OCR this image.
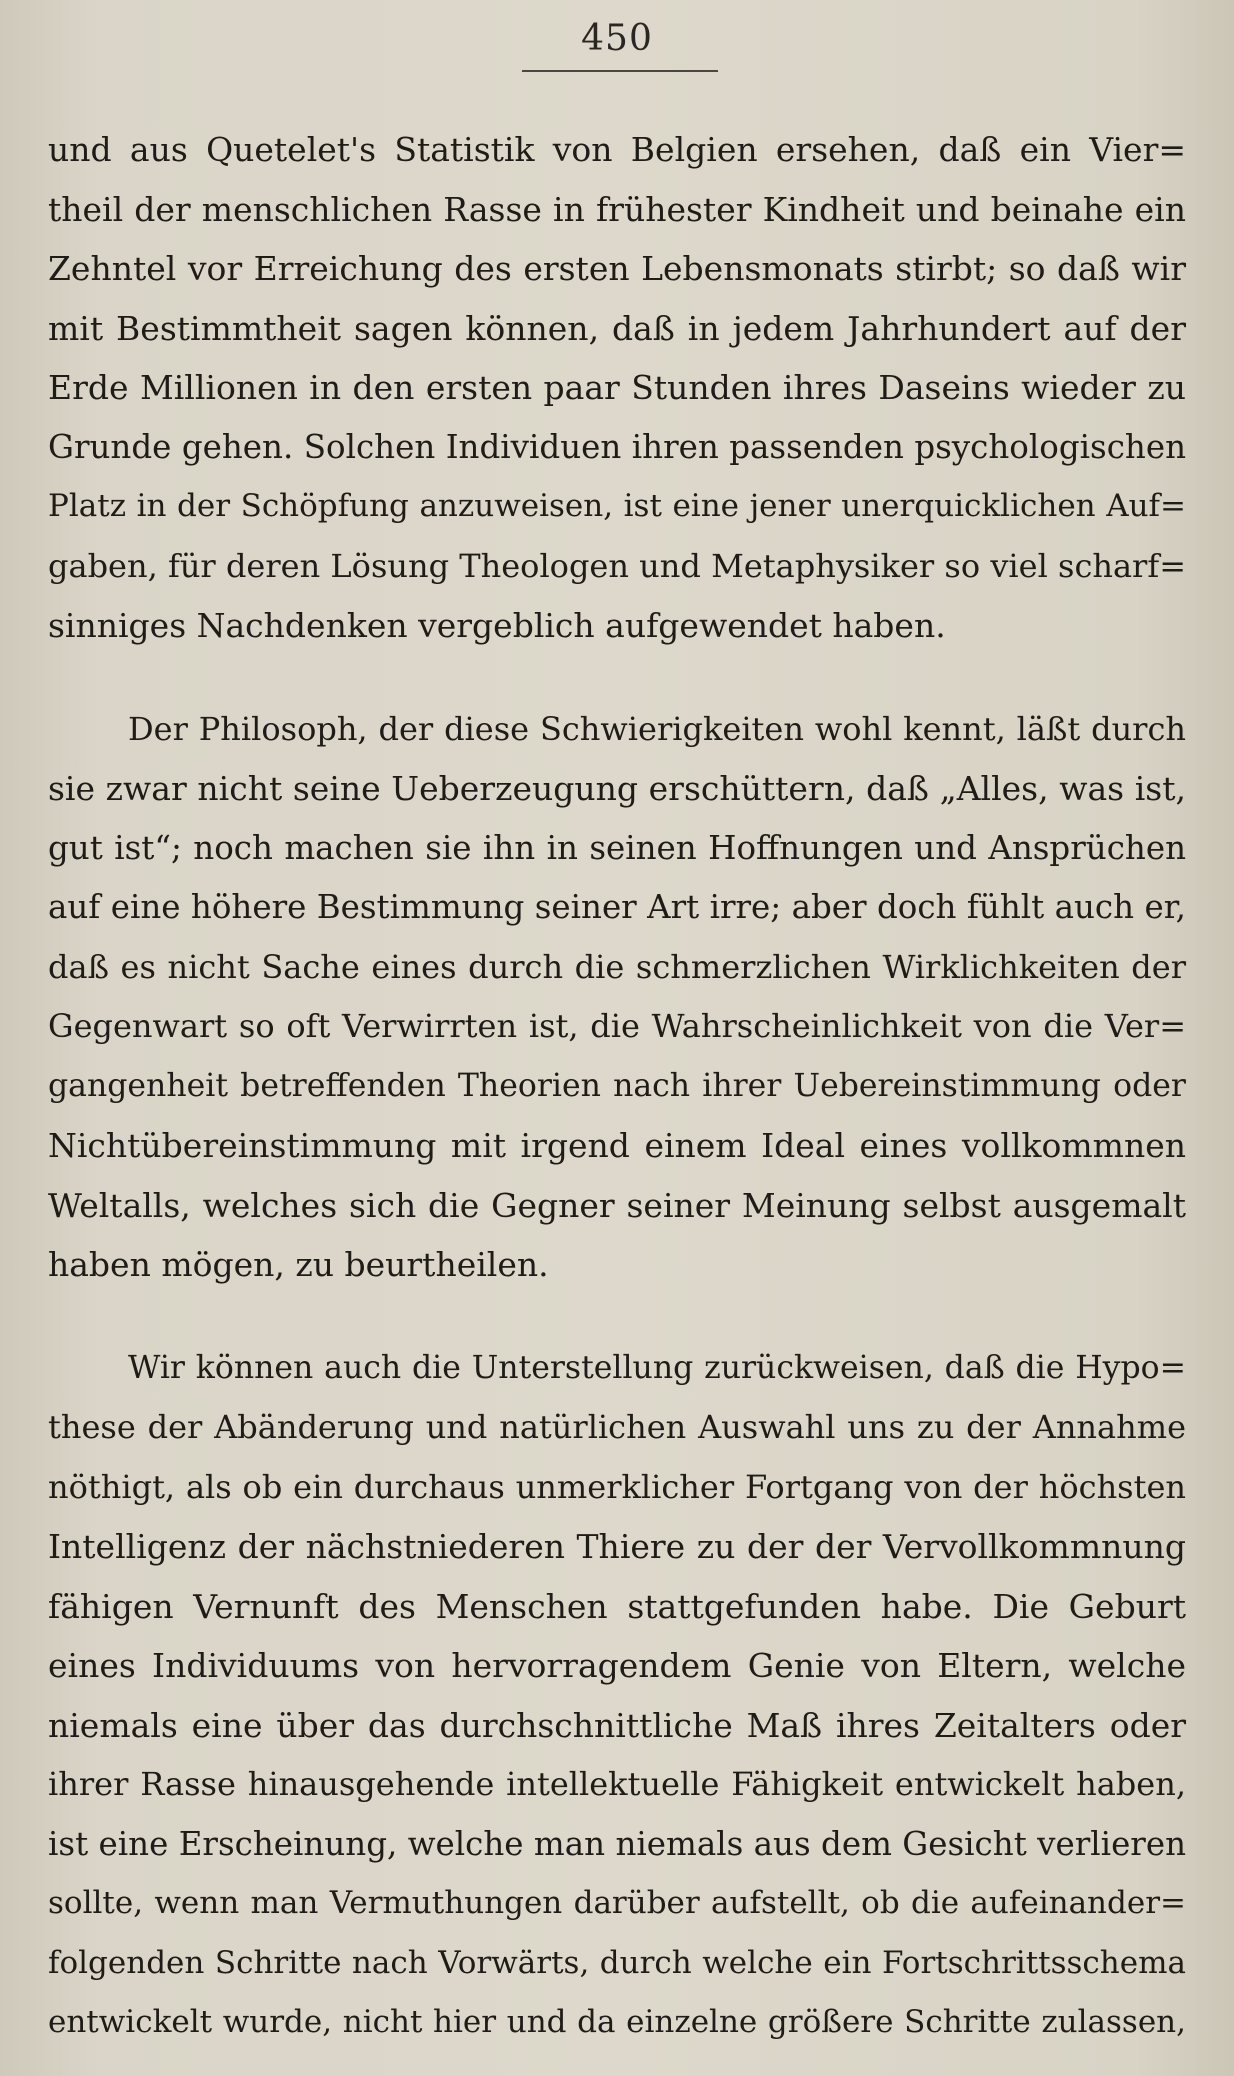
450

und aus Quetelet's Statistik von Belgien ersehen, daß ein Vier=
theil der menschlichen Rasse in frühester Kindheit und beinahe ein
Zehntel vor Erreichung des ersten Lebensmonats stirbt; so daß wir
mit Bestimmtheit sagen können, daß in jedem Jahrhundert auf der
Erde Millionen in den ersten paar Stunden ihres Daseins wieder zu
Grunde gehen. Solchen Individuen ihren passenden psychologischen
Platz in der Schöpfung anzuweisen, ist eine jener unerquicklichen Auf=
gaben, für deren Lösung Theologen und Metaphysiker so viel scharf=
sinniges Nachdenken vergeblich aufgewendet haben.

Der Philosoph, der diese Schwierigkeiten wohl kennt, läßt durch
sie zwar nicht seine Ueberzeugung erschüttern, daß „Alles, was ist,
gut ist“; noch machen sie ihn in seinen Hoffnungen und Ansprüchen
auf eine höhere Bestimmung seiner Art irre; aber doch fühlt auch er,
daß es nicht Sache eines durch die schmerzlichen Wirklichkeiten der
Gegenwart so oft Verwirrten ist, die Wahrscheinlichkeit von die Ver=
gangenheit betreffenden Theorien nach ihrer Uebereinstimmung oder
Nichtübereinstimmung mit irgend einem Ideal eines vollkommnen
Weltalls, welches sich die Gegner seiner Meinung selbst ausgemalt
haben mögen, zu beurtheilen.

Wir können auch die Unterstellung zurückweisen, daß die Hypo=
these der Abänderung und natürlichen Auswahl uns zu der Annahme
nöthigt, als ob ein durchaus unmerklicher Fortgang von der höchsten
Intelligenz der nächstniederen Thiere zu der der Vervollkommnung
fähigen Vernunft des Menschen stattgefunden habe. Die Geburt
eines Individuums von hervorragendem Genie von Eltern, welche
niemals eine über das durchschnittliche Maß ihres Zeitalters oder
ihrer Rasse hinausgehende intellektuelle Fähigkeit entwickelt haben,
ist eine Erscheinung, welche man niemals aus dem Gesicht verlieren
sollte, wenn man Vermuthungen darüber aufstellt, ob die aufeinander=
folgenden Schritte nach Vorwärts, durch welche ein Fortschrittsschema
entwickelt wurde, nicht hier und da einzelne größere Schritte zulassen,
